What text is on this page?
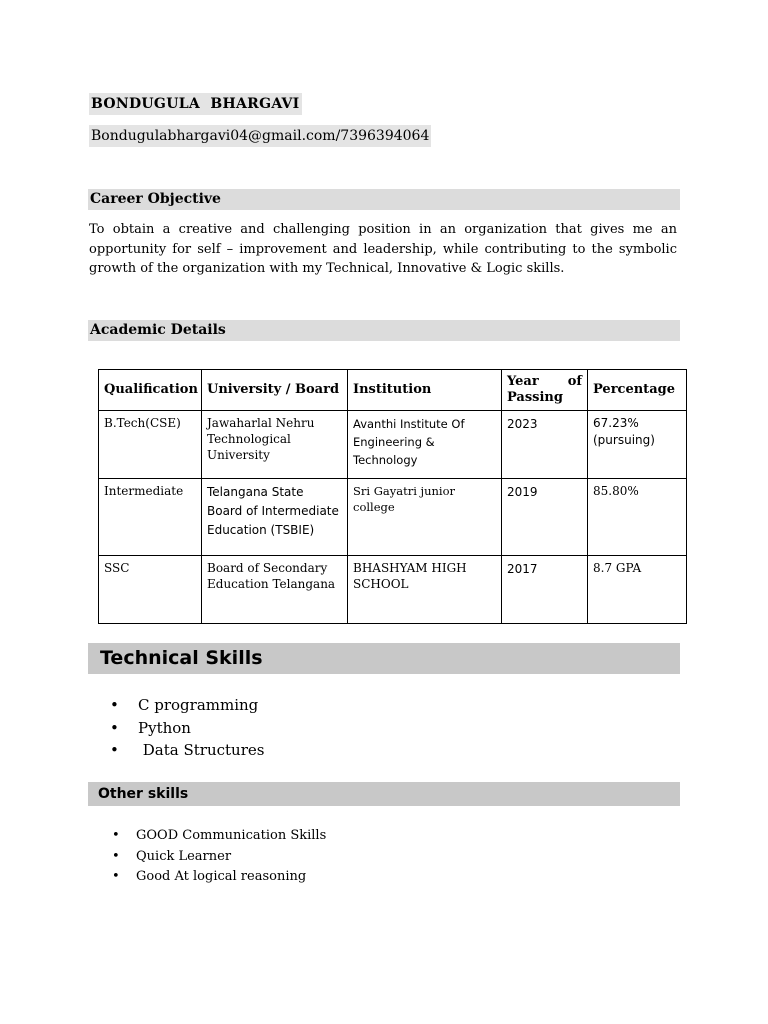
BONDUGULA  BHARGAVI
Bondugulabhargavi04@gmail.com/7396394064
Career Objective
To obtain a creative and challenging position in an organization that gives me an opportunity for self – improvement and leadership, while contributing to the symbolic growth of the organization with my Technical, Innovative & Logic skills.
Academic Details
Qualification	University / Board	Institution	Year of Passing	Percentage
B.Tech(CSE)	Jawaharlal Nehru Technological University	Avanthi Institute Of Engineering & Technology	2023	67.23% (pursuing)
Intermediate	Telangana State Board of Intermediate Education (TSBIE)	Sri Gayatri junior college	2019	85.80%
SSC	Board of Secondary Education Telangana	BHASHYAM HIGH SCHOOL	2017	8.7 GPA
Technical Skills
•	C programming
•	Python
•	Data Structures
Other skills
•	GOOD Communication Skills
•	Quick Learner
•	Good At logical reasoning
